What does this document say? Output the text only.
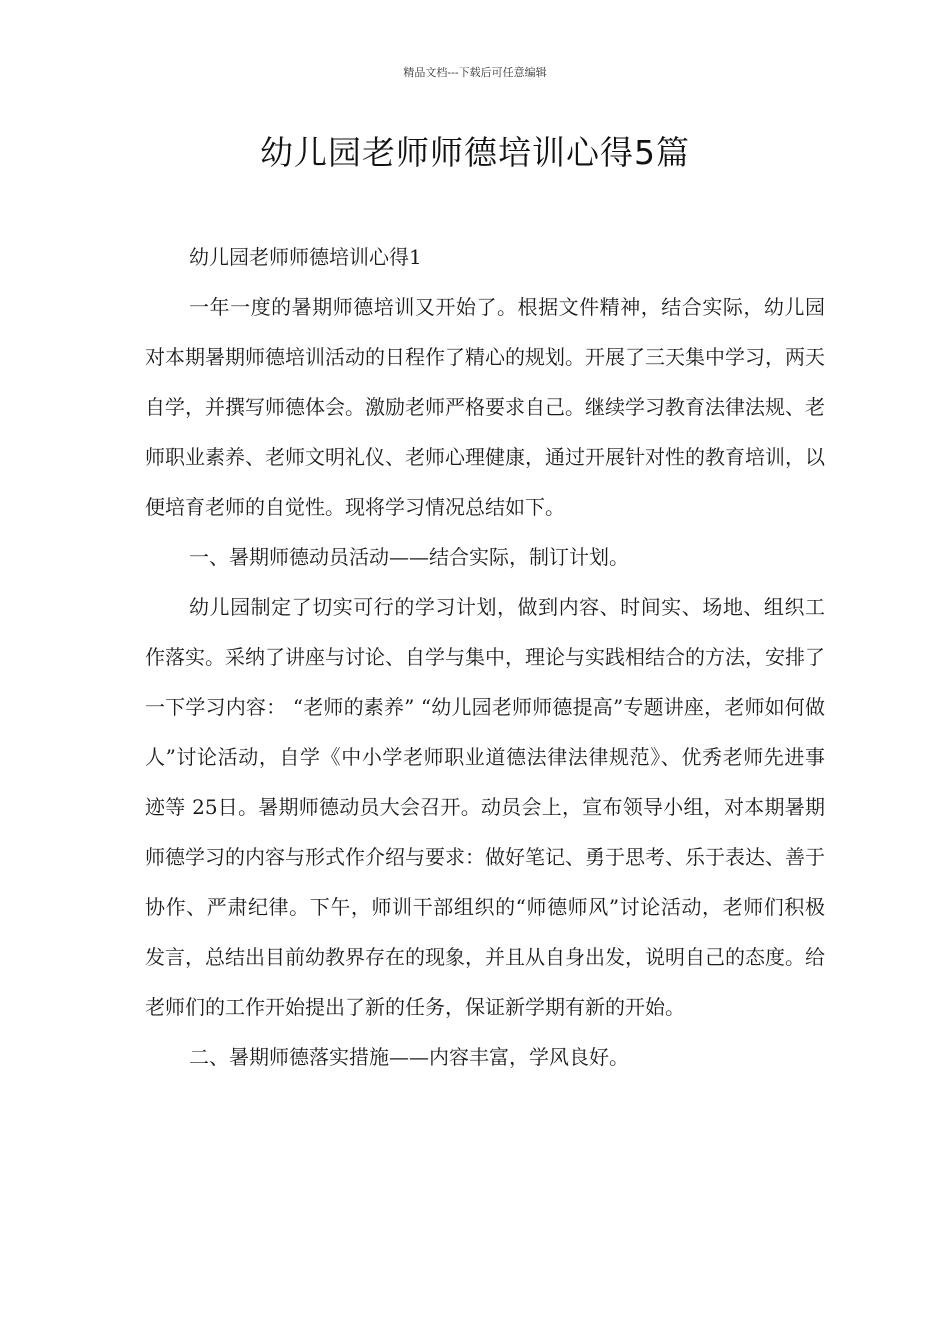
精品文档---下载后可任意编辑
幼儿园老师师德培训心得5篇

幼儿园老师师德培训心得1

一年一度的暑期师德培训又开始了。根据文件精神，结合实际，幼儿园对本期暑期师德培训活动的日程作了精心的规划。开展了三天集中学习，两天自学，并撰写师德体会。激励老师严格要求自己。继续学习教育法律法规、老师职业素养、老师文明礼仪、老师心理健康，通过开展针对性的教育培训，以便培育老师的自觉性。现将学习情况总结如下。

一、暑期师德动员活动——结合实际，制订计划。

幼儿园制定了切实可行的学习计划，做到内容、时间实、场地、组织工作落实。采纳了讲座与讨论、自学与集中，理论与实践相结合的方法，安排了一下学习内容： “老师的素养” “幼儿园老师师德提高”专题讲座，老师如何做人”讨论活动，自学《中小学老师职业道德法律法律规范》、优秀老师先进事迹等 25日。暑期师德动员大会召开。动员会上，宣布领导小组，对本期暑期师德学习的内容与形式作介绍与要求：做好笔记、勇于思考、乐于表达、善于协作、严肃纪律。下午，师训干部组织的“师德师风”讨论活动，老师们积极发言，总结出目前幼教界存在的现象，并且从自身出发，说明自己的态度。给老师们的工作开始提出了新的任务，保证新学期有新的开始。

二、暑期师德落实措施——内容丰富，学风良好。
